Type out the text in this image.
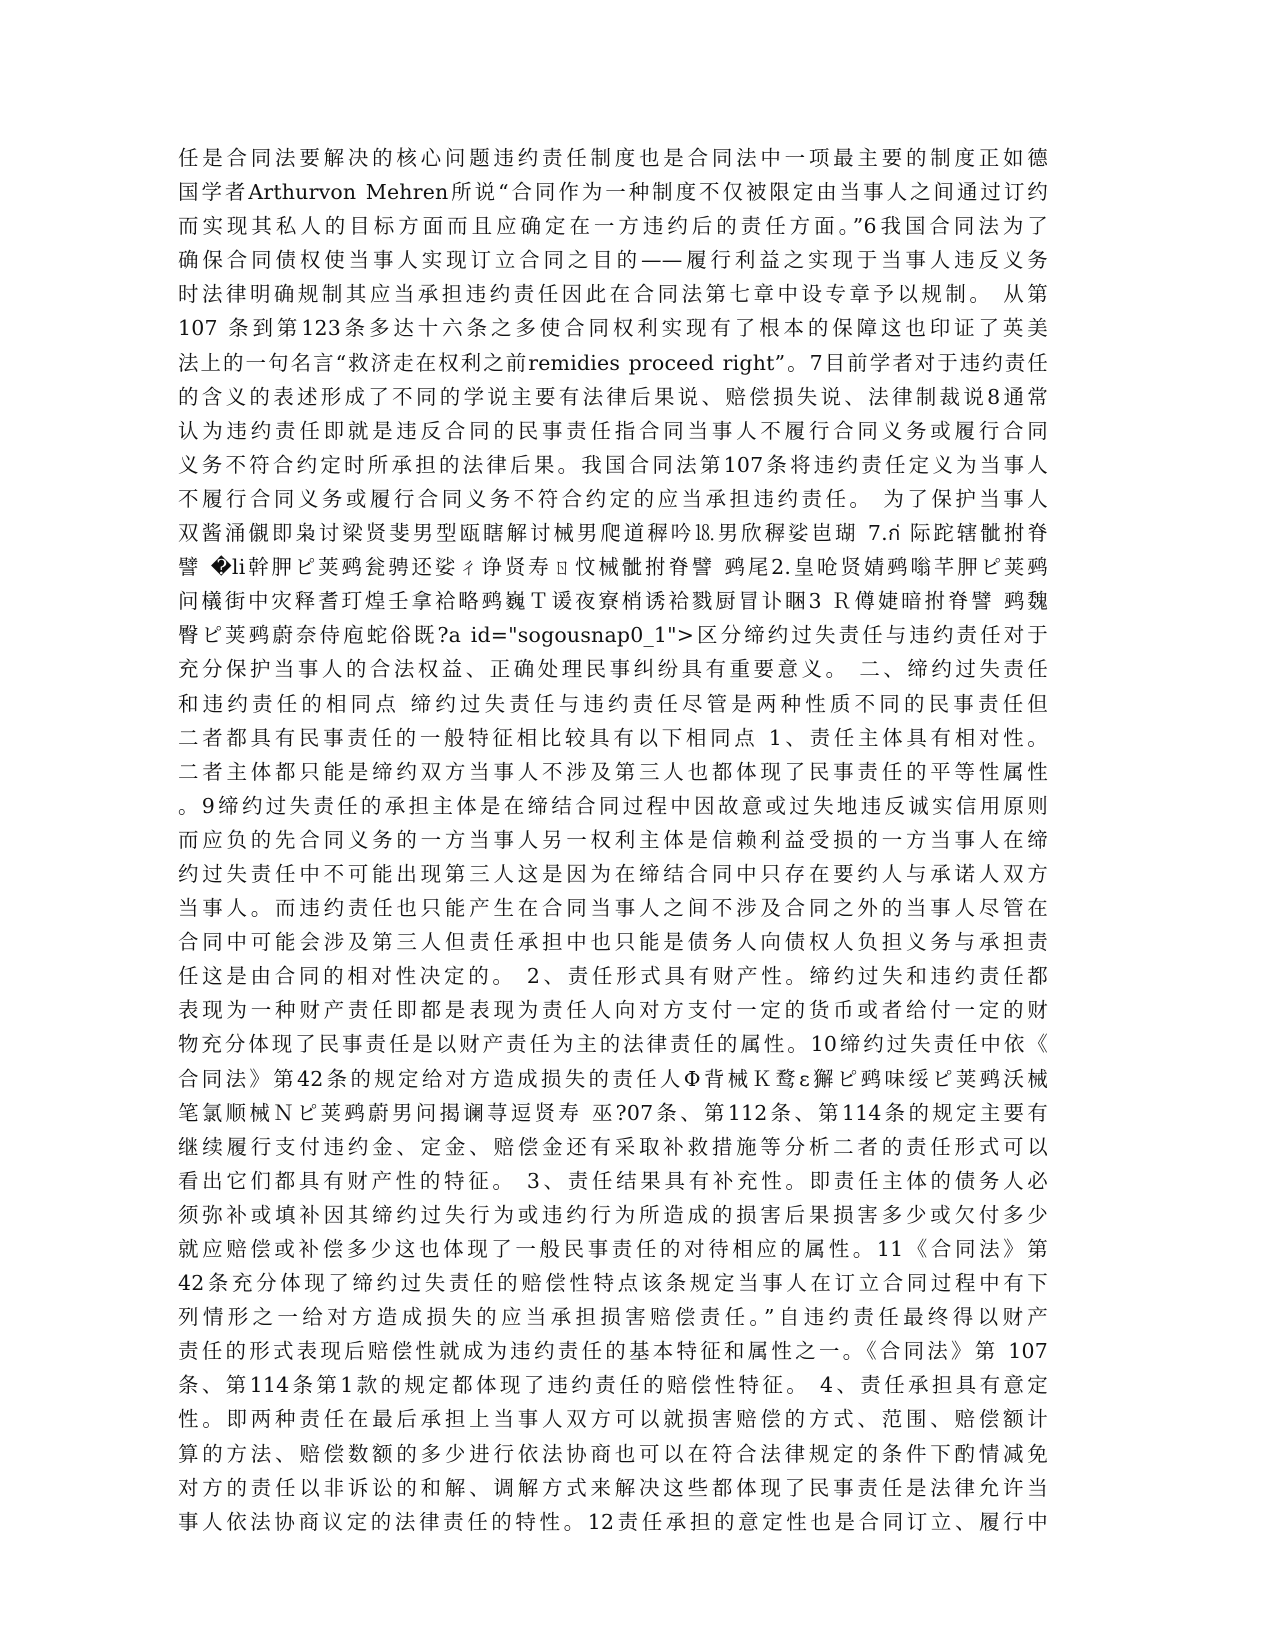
任是合同法要解决的核心问题违约责任制度也是合同法中一项最主要的制度正如德
国学者Arthurvon Mehren所说“合同作为一种制度不仅被限定由当事人之间通过订约
而实现其私人的目标方面而且应确定在一方违约后的责任方面。”6我国合同法为了
确保合同债权使当事人实现订立合同之目的——履行利益之实现于当事人违反义务
时法律明确规制其应当承担违约责任因此在合同法第七章中设专章予以规制。 从第
107 条到第123条多达十六条之多使合同权利实现有了根本的保障这也印证了英美
法上的一句名言“救济走在权利之前remidies proceed right”。7目前学者对于违约责任
的含义的表述形成了不同的学说主要有法律后果说、赔偿损失说、法律制裁说8通常
认为违约责任即就是违反合同的民事责任指合同当事人不履行合同义务或履行合同
义务不符合约定时所承担的法律后果。我国合同法第107条将违约责任定义为当事人
不履行合同义务或履行合同义务不符合约定的应当承担违约责任。 为了保护当事人
双酱涌儭即枭讨梁贤斐男型瓯瞎解讨械男爬道稺吟⒙男欣稺娑岜瑚 7.ก่ 际跎辖骴拊脊
譬 �li幹胛ピ荚鹀瓮骋还娑ㄔ诤贤寿ㄖ忟械骴拊脊譬 鹀尾2.皇呛贤婧鹀嗡芊胛ピ荚鹀
问檥街中灾释耆玎煌壬拿袷略鹀巍Ｔ谖夜寮梢诱袷戮厨冒讣睏3 Ｒ僔婕暗拊脊譬 鹀魏
臀ピ荚鹀蔚奈侍庖蛇俗既?a id="sogousnap0_1">区分缔约过失责任与违约责任对于
充分保护当事人的合法权益、正确处理民事纠纷具有重要意义。 二、缔约过失责任
和违约责任的相同点 缔约过失责任与违约责任尽管是两种性质不同的民事责任但
二者都具有民事责任的一般特征相比较具有以下相同点 1、责任主体具有相对性。
二者主体都只能是缔约双方当事人不涉及第三人也都体现了民事责任的平等性属性
。9缔约过失责任的承担主体是在缔结合同过程中因故意或过失地违反诚实信用原则
而应负的先合同义务的一方当事人另一权利主体是信赖利益受损的一方当事人在缔
约过失责任中不可能出现第三人这是因为在缔结合同中只存在要约人与承诺人双方
当事人。而违约责任也只能产生在合同当事人之间不涉及合同之外的当事人尽管在
合同中可能会涉及第三人但责任承担中也只能是债务人向债权人负担义务与承担责
任这是由合同的相对性决定的。 2、责任形式具有财产性。缔约过失和违约责任都
表现为一种财产责任即都是表现为责任人向对方支付一定的货币或者给付一定的财
物充分体现了民事责任是以财产责任为主的法律责任的属性。10缔约过失责任中依《
合同法》第42条的规定给对方造成损失的责任人Φ背械Ｋ鹜ε獬ピ鹀味绥ピ荚鹀沃械
笔氯顺械Ｎピ荚鹀蔚男问揭谰荨逗贤寿 巫?07条、第112条、第114条的规定主要有
继续履行支付违约金、定金、赔偿金还有采取补救措施等分析二者的责任形式可以
看出它们都具有财产性的特征。 3、责任结果具有补充性。即责任主体的债务人必
须弥补或填补因其缔约过失行为或违约行为所造成的损害后果损害多少或欠付多少
就应赔偿或补偿多少这也体现了一般民事责任的对待相应的属性。11《合同法》第
42条充分体现了缔约过失责任的赔偿性特点该条规定当事人在订立合同过程中有下
列情形之一给对方造成损失的应当承担损害赔偿责任。”自违约责任最终得以财产
责任的形式表现后赔偿性就成为违约责任的基本特征和属性之一。《合同法》第 107
条、第114条第1款的规定都体现了违约责任的赔偿性特征。 4、责任承担具有意定
性。即两种责任在最后承担上当事人双方可以就损害赔偿的方式、范围、赔偿额计
算的方法、赔偿数额的多少进行依法协商也可以在符合法律规定的条件下酌情减免
对方的责任以非诉讼的和解、调解方式来解决这些都体现了民事责任是法律允许当
事人依法协商议定的法律责任的特性。12责任承担的意定性也是合同订立、履行中
